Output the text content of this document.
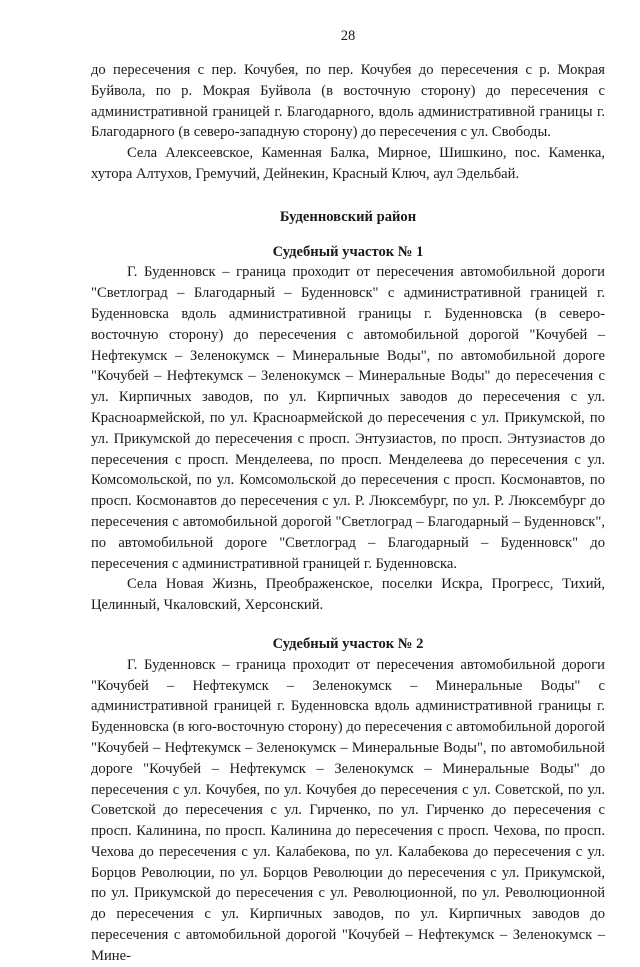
28

до пересечения с пер. Кочубея, по пер. Кочубея до пересечения с р. Мокрая Буйвола, по р. Мокрая Буйвола (в восточную сторону) до пересечения с административной границей г. Благодарного, вдоль административной границы г. Благодарного (в северо-западную сторону) до пересечения с ул. Свободы.

Села Алексеевское, Каменная Балка, Мирное, Шишкино, пос. Каменка, хутора Алтухов, Гремучий, Дейнекин, Красный Ключ, аул Эдельбай.

Буденновский район

Судебный участок № 1

Г. Буденновск – граница проходит от пересечения автомобильной дороги "Светлоград – Благодарный – Буденновск" с административной границей г. Буденновска вдоль административной границы г. Буденновска (в северо-восточную сторону) до пересечения с автомобильной дорогой "Кочубей – Нефтекумск – Зеленокумск – Минеральные Воды", по автомобильной дороге "Кочубей – Нефтекумск – Зеленокумск – Минеральные Воды" до пересечения с ул. Кирпичных заводов, по ул. Кирпичных заводов до пересечения с ул. Красноармейской, по ул. Красноармейской до пересечения с ул. Прикумской, по ул. Прикумской до пересечения с просп. Энтузиастов, по просп. Энтузиастов до пересечения с просп. Менделеева, по просп. Менделеева до пересечения с ул. Комсомольской, по ул. Комсомольской до пересечения с просп. Космонавтов, по просп. Космонавтов до пересечения с ул. Р. Люксембург, по ул. Р. Люксембург до пересечения с автомобильной дорогой "Светлоград – Благодарный – Буденновск", по автомобильной дороге "Светлоград – Благодарный – Буденновск" до пересечения с административной границей г. Буденновска.

Села Новая Жизнь, Преображенское, поселки Искра, Прогресс, Тихий, Целинный, Чкаловский, Херсонский.

Судебный участок № 2

Г. Буденновск – граница проходит от пересечения автомобильной дороги "Кочубей – Нефтекумск – Зеленокумск – Минеральные Воды" с административной границей г. Буденновска вдоль административной границы г. Буденновска (в юго-восточную сторону) до пересечения с автомобильной дорогой "Кочубей – Нефтекумск – Зеленокумск – Минеральные Воды", по автомобильной дороге "Кочубей – Нефтекумск – Зеленокумск – Минеральные Воды" до пересечения с ул. Кочубея, по ул. Кочубея до пересечения с ул. Советской, по ул. Советской до пересечения с ул. Гирченко, по ул. Гирченко до пересечения с просп. Калинина, по просп. Калинина до пересечения с просп. Чехова, по просп. Чехова до пересечения с ул. Калабекова, по ул. Калабекова до пересечения с ул. Борцов Революции, по ул. Борцов Революции до пересечения с ул. Прикумской, по ул. Прикумской до пересечения с ул. Революционной, по ул. Революционной до пересечения с ул. Кирпичных заводов, по ул. Кирпичных заводов до пересечения с автомобильной дорогой "Кочубей – Нефтекумск – Зеленокумск – Мине-
